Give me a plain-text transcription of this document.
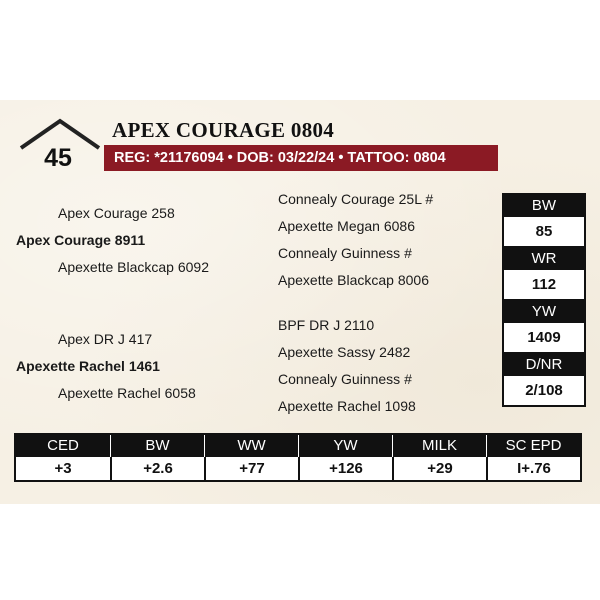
45
APEX COURAGE 0804
REG: *21176094 • DOB: 03/22/24 • TATTOO: 0804
Apex Courage 258
Apex Courage 8911
Apexette Blackcap 6092
Connealy Courage 25L #
Apexette Megan 6086
Connealy Guinness #
Apexette Blackcap 8006
Apex DR J 417
Apexette Rachel 1461
Apexette Rachel 6058
BPF DR J 2110
Apexette Sassy 2482
Connealy Guinness #
Apexette Rachel 1098
BW
85
WR
112
YW
1409
D/NR
2/108
CED	BW	WW	YW	MILK	SC EPD
+3	+2.6	+77	+126	+29	I+.76
